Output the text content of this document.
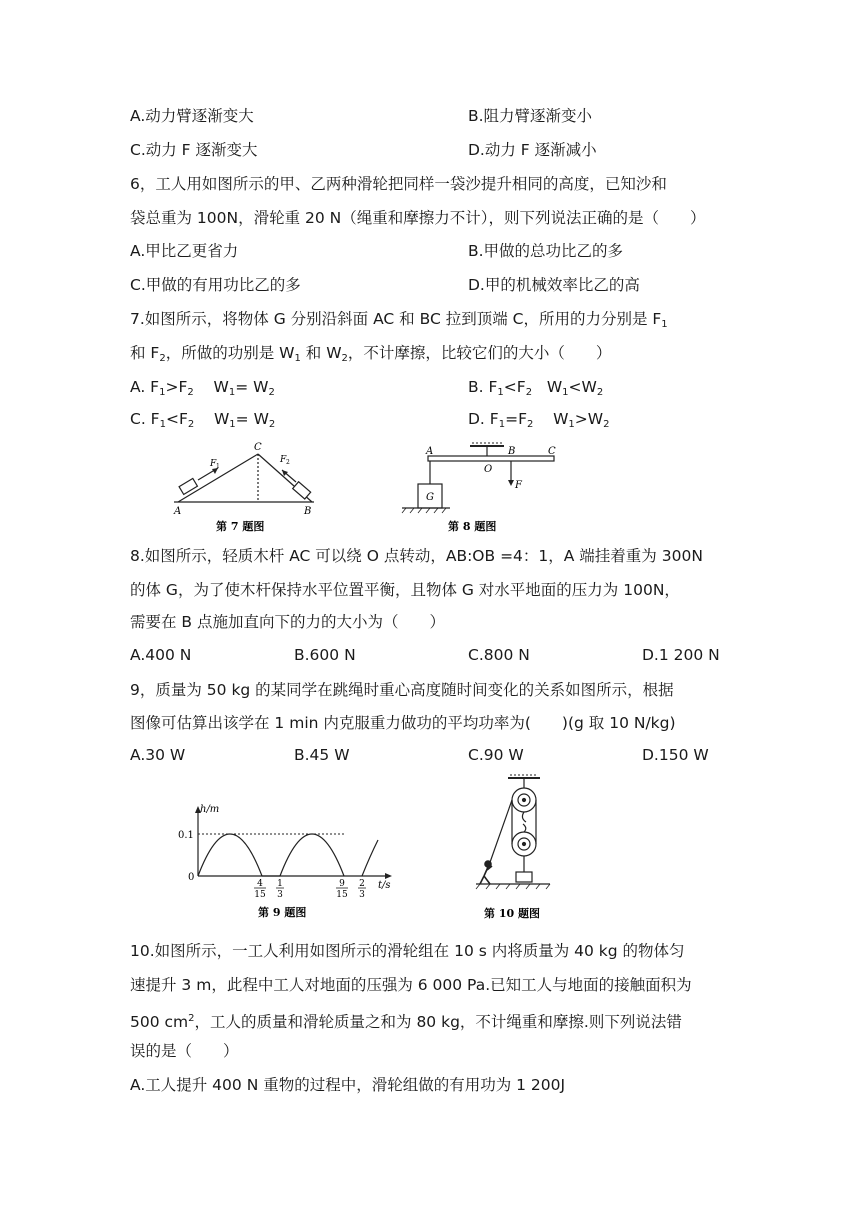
A.动力臂逐渐变大	B.阻力臂逐渐变小
C.动力 F 逐渐变大	D.动力 F 逐渐减小
6，工人用如图所示的甲、乙两种滑轮把同样一袋沙提升相同的高度，已知沙和
袋总重为 100N，滑轮重 20 N（绳重和摩擦力不计），则下列说法正确的是（　　）
A.甲比乙更省力	B.甲做的总功比乙的多
C.甲做的有用功比乙的多	D.甲的机械效率比乙的高
7.如图所示，将物体 G 分别沿斜面 AC 和 BC 拉到顶端 C，所用的力分别是 $F_1$
和 $F_2$，所做的功别是 $W_1$ 和 $W_2$，不计摩擦，比较它们的大小（　　）
A. $F_1>F_2$    $W_1= W_2$	B. $F_1<F_2$   $W_1<W_2$
C. $F_1<F_2$    $W_1= W_2$	D. $F_1=F_2$    $W_1>W_2$
C
A	B
F 1
F 2
第 7 题图
A
O
B	C
G
F
第 8 题图
8.如图所示，轻质木杆 AC 可以绕 O 点转动，AB:OB =4：1，A 端挂着重为 300N
的体 G，为了使木杆保持水平位置平衡，且物体 G 对水平地面的压力为 100N，
需要在 B 点施加直向下的力的大小为（　　）
A.400 N	B.600 N	C.800 N	D.1 200 N
9，质量为 50 kg 的某同学在跳绳时重心高度随时间变化的关系如图所示，根据
图像可估算出该学在 1 min 内克服重力做功的平均功率为(　　)(g 取 10 N/kg)
A.30 W	B.45 W	C.90 W	D.150 W
h/m
0.1
0
t/s
4
15
1
3
9
15
2
3
第 9 题图	第 10 题图
10.如图所示，一工人利用如图所示的滑轮组在 10 s 内将质量为 40 kg 的物体匀
速提升 3 m，此程中工人对地面的压强为 6 000 Pa.已知工人与地面的接触面积为
500 $cm^2$，工人的质量和滑轮质量之和为 80 kg，不计绳重和摩擦.则下列说法错
误的是（　　）
A.工人提升 400 N 重物的过程中，滑轮组做的有用功为 1 200J
